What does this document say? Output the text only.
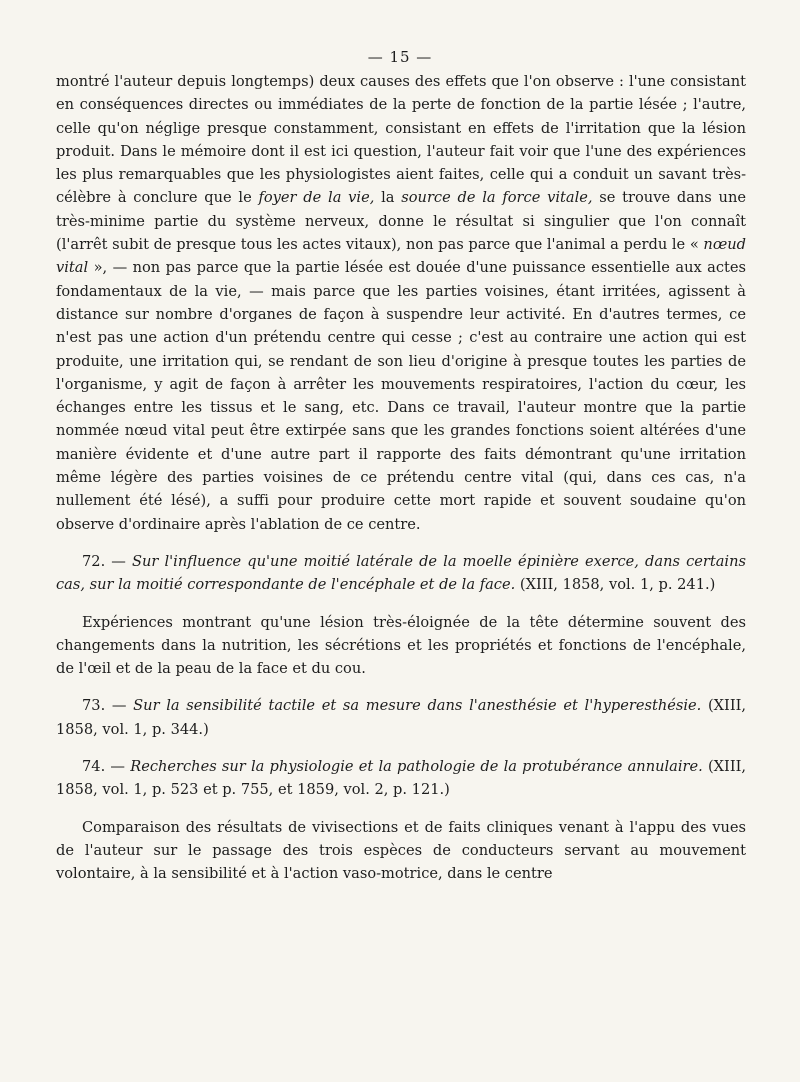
— 15 —

montré l'auteur depuis longtemps) deux causes des effets que l'on observe : l'une consistant en conséquences directes ou immédiates de la perte de fonction de la partie lésée ; l'autre, celle qu'on néglige presque constamment, consistant en effets de l'irritation que la lésion produit. Dans le mémoire dont il est ici question, l'auteur fait voir que l'une des expériences les plus remarquables que les physiologistes aient faites, celle qui a conduit un savant très-célèbre à conclure que le foyer de la vie, la source de la force vitale, se trouve dans une très-minime partie du système nerveux, donne le résultat si singulier que l'on connaît (l'arrêt subit de presque tous les actes vitaux), non pas parce que l'animal a perdu le « nœud vital », — non pas parce que la partie lésée est douée d'une puissance essentielle aux actes fondamentaux de la vie, — mais parce que les parties voisines, étant irritées, agissent à distance sur nombre d'organes de façon à suspendre leur activité. En d'autres termes, ce n'est pas une action d'un prétendu centre qui cesse ; c'est au contraire une action qui est produite, une irritation qui, se rendant de son lieu d'origine à presque toutes les parties de l'organisme, y agit de façon à arrêter les mouvements respiratoires, l'action du cœur, les échanges entre les tissus et le sang, etc. Dans ce travail, l'auteur montre que la partie nommée nœud vital peut être extirpée sans que les grandes fonctions soient altérées d'une manière évidente et d'une autre part il rapporte des faits démontrant qu'une irritation même légère des parties voisines de ce prétendu centre vital (qui, dans ces cas, n'a nullement été lésé), a suffi pour produire cette mort rapide et souvent soudaine qu'on observe d'ordinaire après l'ablation de ce centre.

72. — Sur l'influence qu'une moitié latérale de la moelle épinière exerce, dans certains cas, sur la moitié correspondante de l'encéphale et de la face. (XIII, 1858, vol. 1, p. 241.)

Expériences montrant qu'une lésion très-éloignée de la tête détermine souvent des changements dans la nutrition, les sécrétions et les propriétés et fonctions de l'encéphale, de l'œil et de la peau de la face et du cou.

73. — Sur la sensibilité tactile et sa mesure dans l'anesthésie et l'hyperesthésie. (XIII, 1858, vol. 1, p. 344.)

74. — Recherches sur la physiologie et la pathologie de la protubérance annulaire. (XIII, 1858, vol. 1, p. 523 et p. 755, et 1859, vol. 2, p. 121.)

Comparaison des résultats de vivisections et de faits cliniques venant à l'appu des vues de l'auteur sur le passage des trois espèces de conducteurs servant au mouvement volontaire, à la sensibilité et à l'action vaso-motrice, dans le centre
